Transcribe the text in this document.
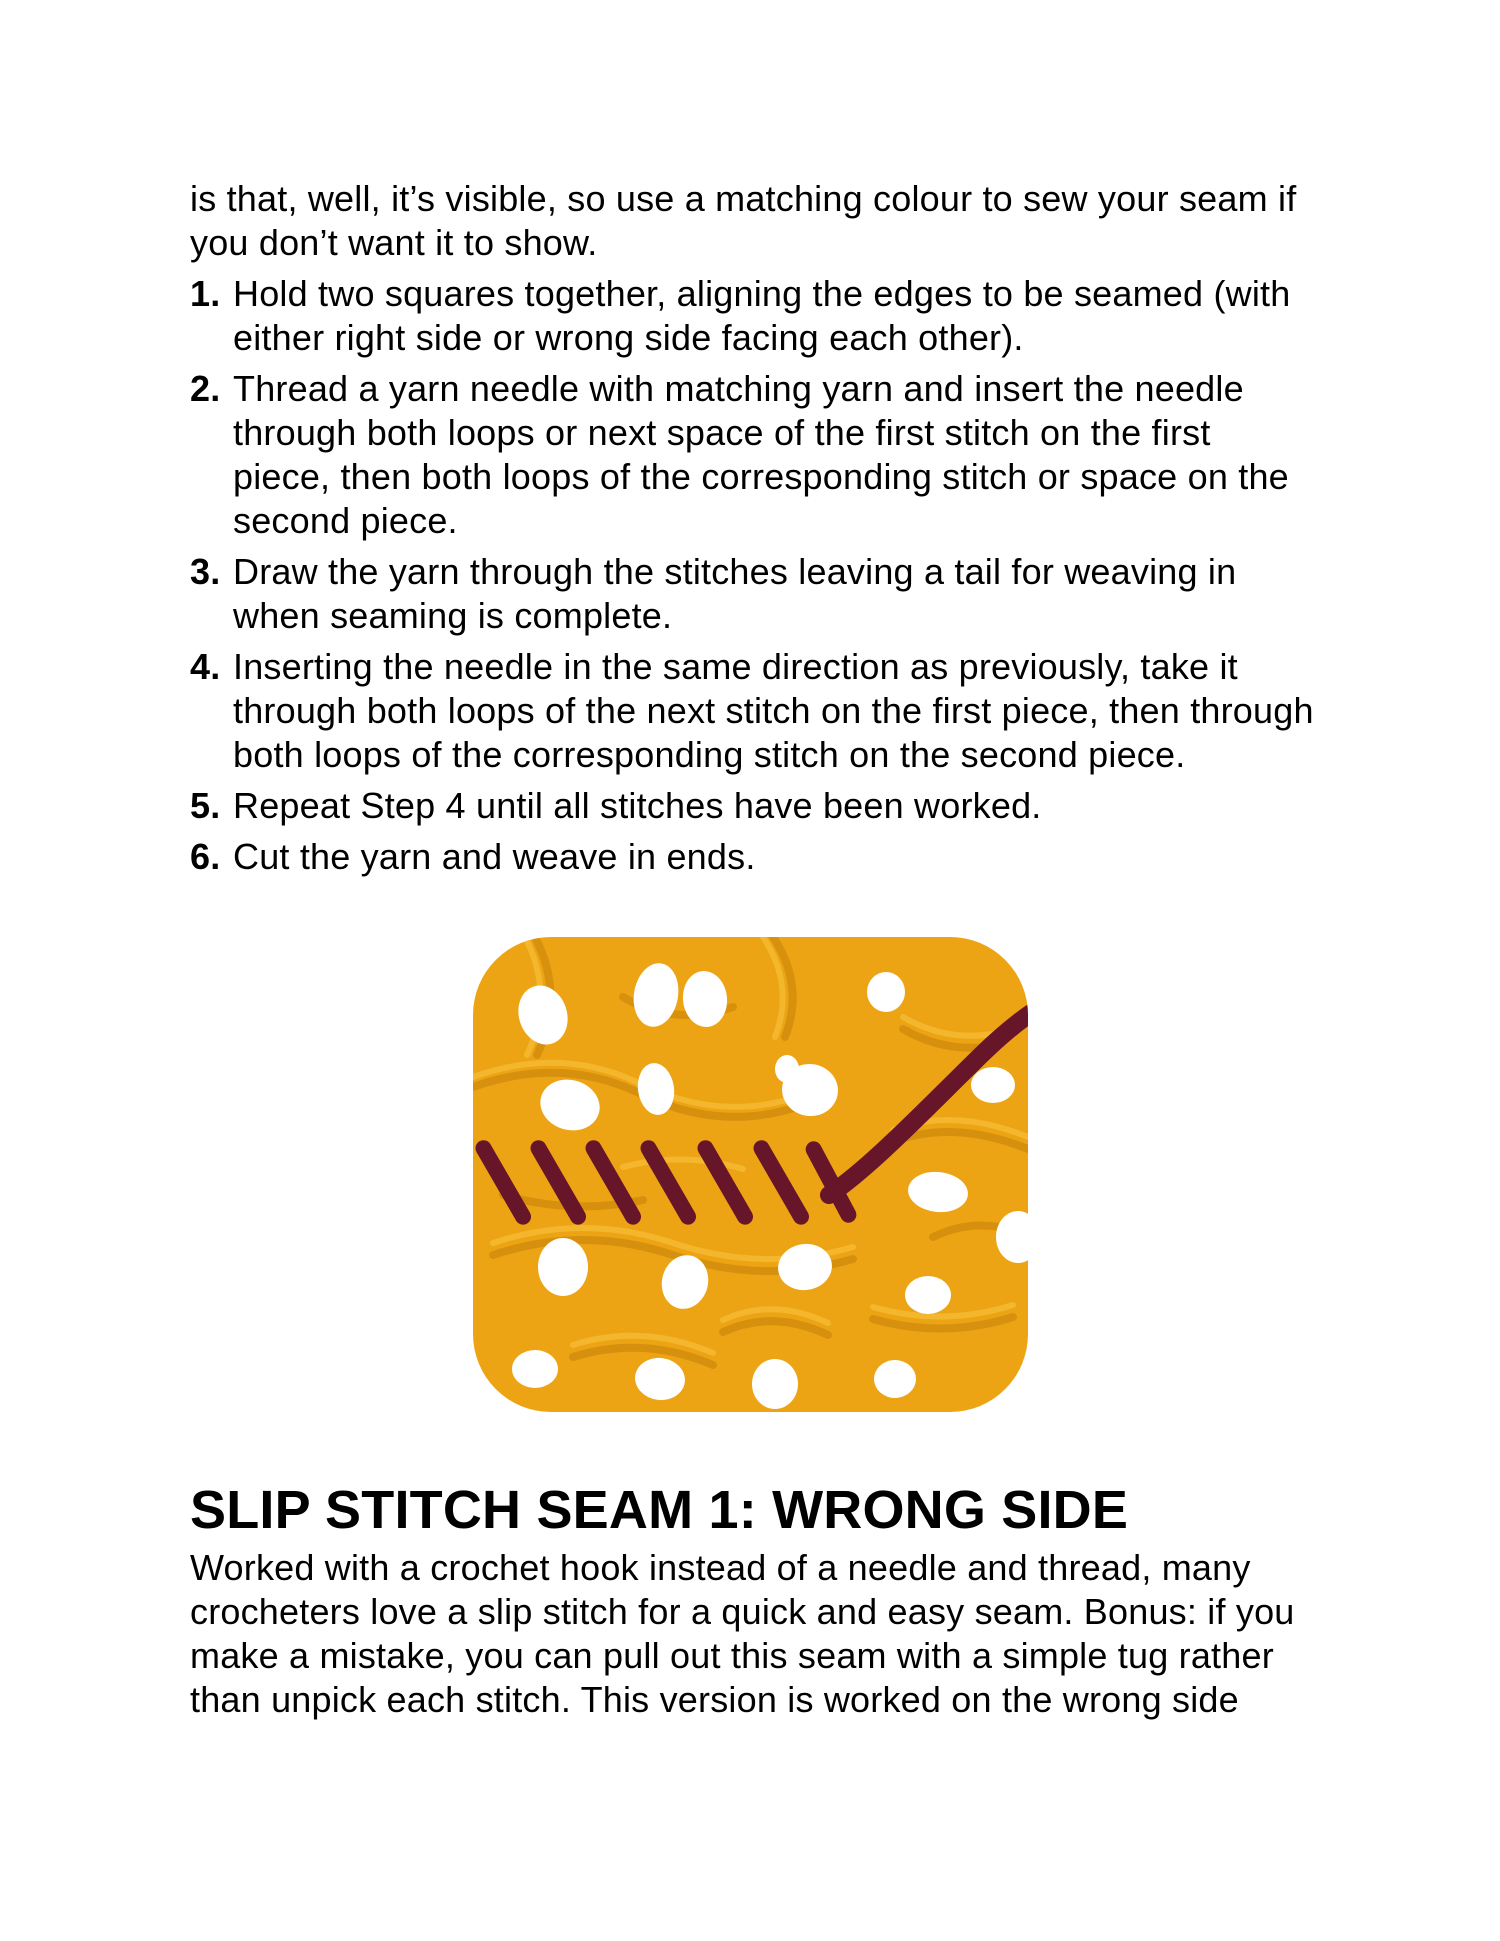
is that, well, it’s visible, so use a matching colour to sew your seam if
you don’t want it to show.
1. Hold two squares together, aligning the edges to be seamed (with
either right side or wrong side facing each other).
2. Thread a yarn needle with matching yarn and insert the needle
through both loops or next space of the first stitch on the first
piece, then both loops of the corresponding stitch or space on the
second piece.
3. Draw the yarn through the stitches leaving a tail for weaving in
when seaming is complete.
4. Inserting the needle in the same direction as previously, take it
through both loops of the next stitch on the first piece, then through
both loops of the corresponding stitch on the second piece.
5. Repeat Step 4 until all stitches have been worked.
6. Cut the yarn and weave in ends.
SLIP STITCH SEAM 1: WRONG SIDE
Worked with a crochet hook instead of a needle and thread, many
crocheters love a slip stitch for a quick and easy seam. Bonus: if you
make a mistake, you can pull out this seam with a simple tug rather
than unpick each stitch. This version is worked on the wrong side
